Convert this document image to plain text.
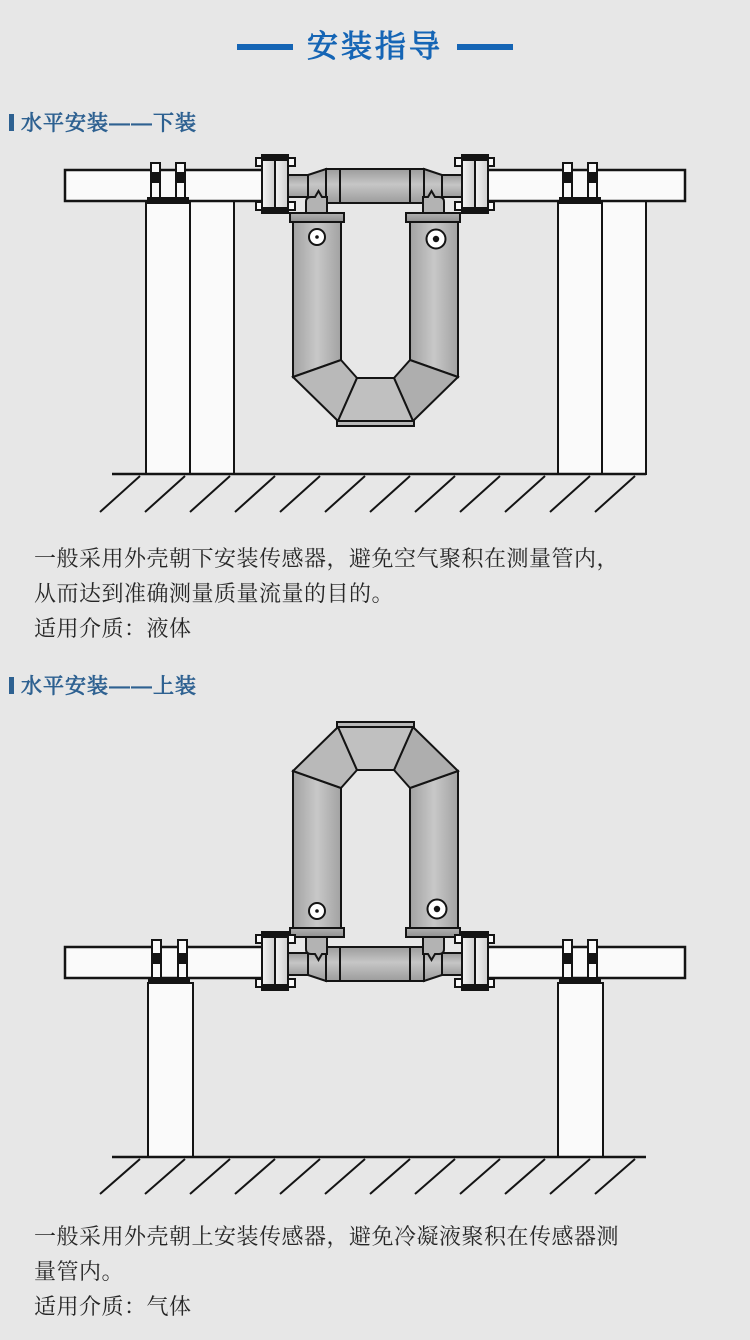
安装指导
水平安装——下装
一般采用外壳朝下安装传感器，避免空气聚积在测量管内，
从而达到准确测量质量流量的目的。
适用介质：液体
水平安装——上装
一般采用外壳朝上安装传感器，避免冷凝液聚积在传感器测
量管内。
适用介质：气体
